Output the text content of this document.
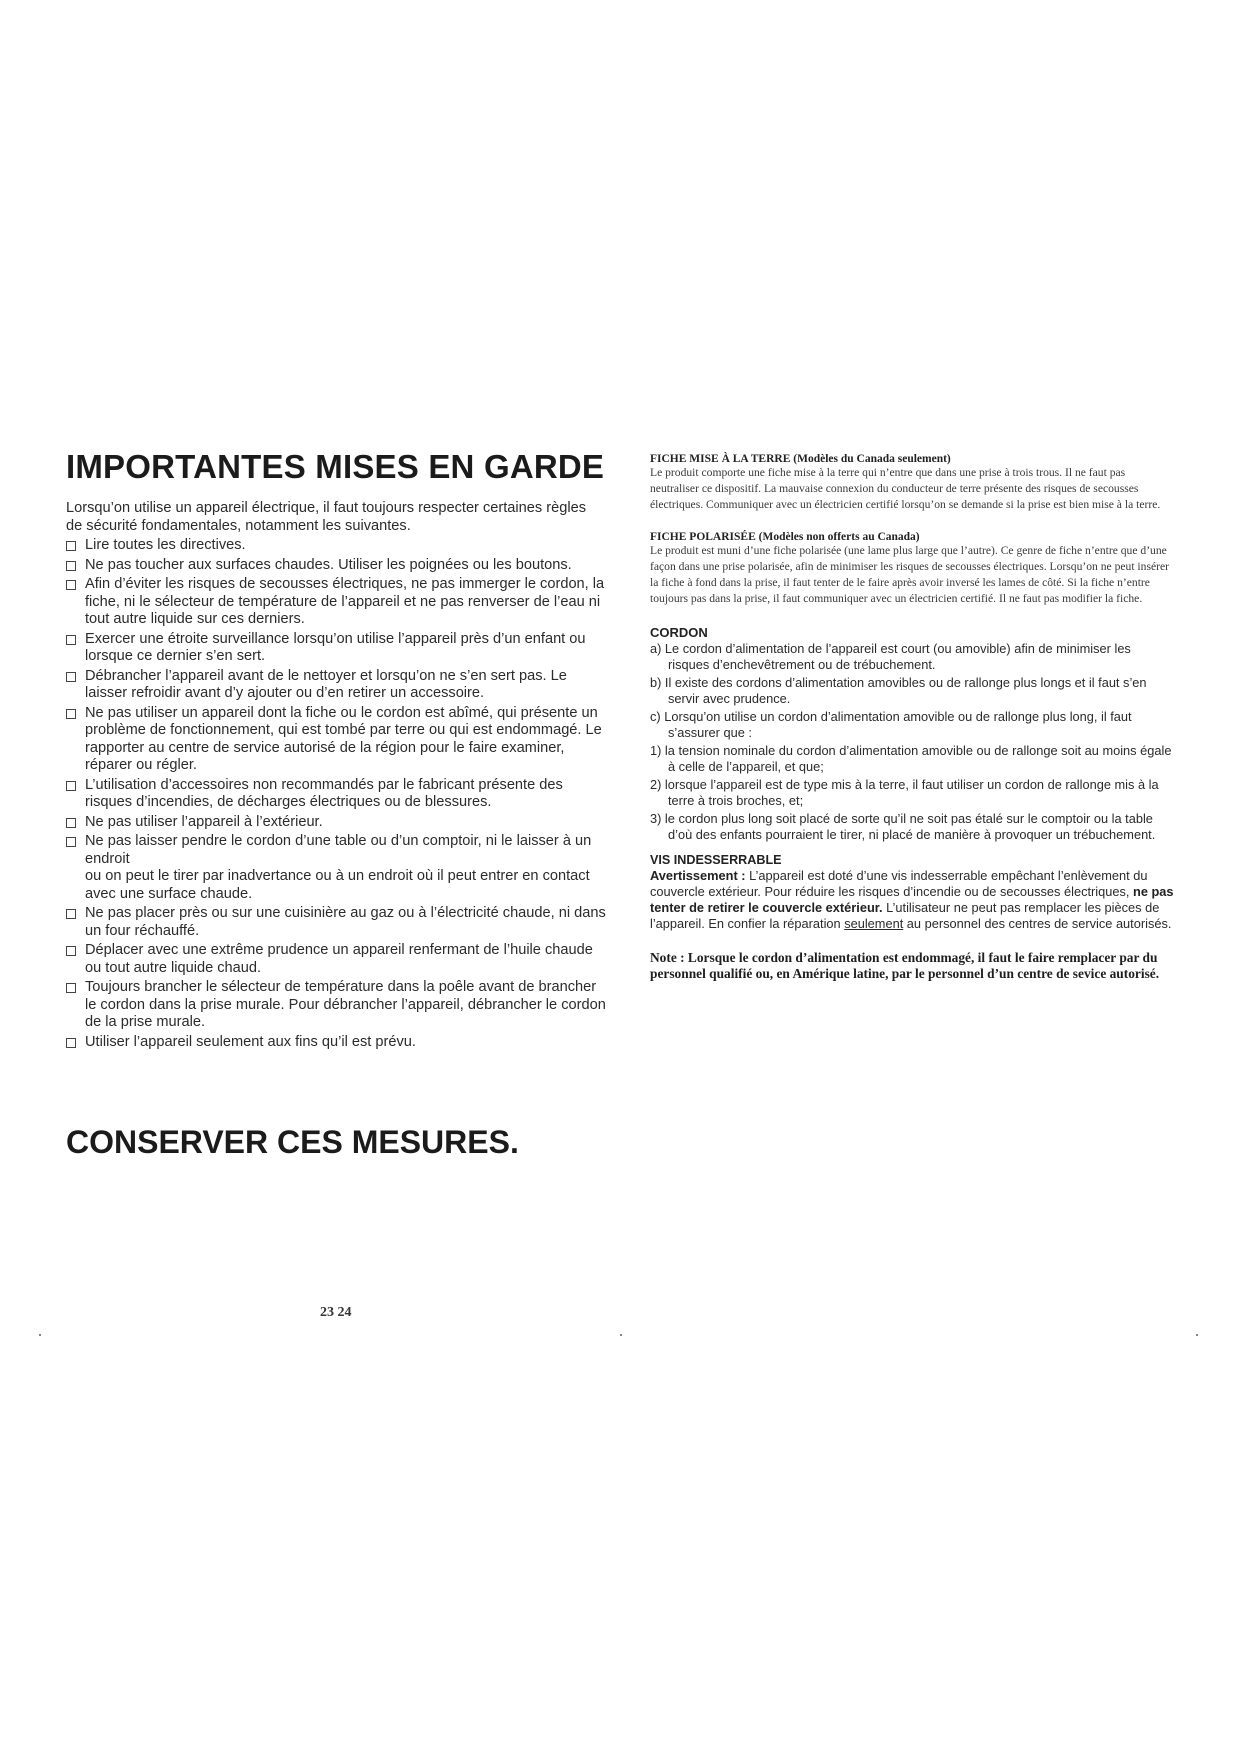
IMPORTANTES MISES EN GARDE

Lorsqu’on utilise un appareil électrique, il faut toujours respecter certaines règles de sécurité fondamentales, notamment les suivantes.

Lire toutes les directives.
Ne pas toucher aux surfaces chaudes. Utiliser les poignées ou les boutons.
Afin d’éviter les risques de secousses électriques, ne pas immerger le cordon, la fiche, ni le sélecteur de température de l’appareil et ne pas renverser de l’eau ni tout autre liquide sur ces derniers.
Exercer une étroite surveillance lorsqu’on utilise l’appareil près d’un enfant ou lorsque ce dernier s’en sert.
Débrancher l’appareil avant de le nettoyer et lorsqu’on ne s’en sert pas. Le laisser refroidir avant d’y ajouter ou d’en retirer un accessoire.
Ne pas utiliser un appareil dont la fiche ou le cordon est abîmé, qui présente un problème de fonctionnement, qui est tombé par terre ou qui est endommagé. Le rapporter au centre de service autorisé de la région pour le faire examiner, réparer ou régler.
L’utilisation d’accessoires non recommandés par le fabricant présente des risques d’incendies, de décharges électriques ou de blessures.
Ne pas utiliser l’appareil à l’extérieur.
Ne pas laisser pendre le cordon d’une table ou d’un comptoir, ni le laisser à un endroit
ou on peut le tirer par inadvertance ou à un endroit où il peut entrer en contact avec une surface chaude.
Ne pas placer près ou sur une cuisinière au gaz ou à l’électricité chaude, ni dans un four réchauffé.
Déplacer avec une extrême prudence un appareil renfermant de l’huile chaude ou tout autre liquide chaud.
Toujours brancher le sélecteur de température dans la poêle avant de brancher le cordon dans la prise murale. Pour débrancher l’appareil, débrancher le cordon de la prise murale.
Utiliser l’appareil seulement aux fins qu’il est prévu.
CONSERVER CES MESURES.
23 24

FICHE MISE À LA TERRE (Modèles du Canada seulement)

Le produit comporte une fiche mise à la terre qui n’entre que dans une prise à trois trous. Il ne faut pas neutraliser ce dispositif. La mauvaise connexion du conducteur de terre présente des risques de secousses électriques. Communiquer avec un électricien certifié lorsqu’on se demande si la prise est bien mise à la terre.

FICHE POLARISÉE (Modèles non offerts au Canada)

Le produit est muni d’une fiche polarisée (une lame plus large que l’autre). Ce genre de fiche n’entre que d’une façon dans une prise polarisée, afin de minimiser les risques de secousses électriques. Lorsqu’on ne peut insérer la fiche à fond dans la prise, il faut tenter de le faire après avoir inversé les lames de côté. Si la fiche n’entre toujours pas dans la prise, il faut communiquer avec un électricien certifié. Il ne faut pas modifier la fiche.

CORDON

a) Le cordon d’alimentation de l’appareil est court (ou amovible) afin de minimiser les risques d’enchevêtrement ou de trébuchement.

b) Il existe des cordons d’alimentation amovibles ou de rallonge plus longs et il faut s’en servir avec prudence.

c) Lorsqu’on utilise un cordon d’alimentation amovible ou de rallonge plus long, il faut s’assurer que :

1) la tension nominale du cordon d’alimentation amovible ou de rallonge soit au moins égale à celle de l’appareil, et que;

2) lorsque l’appareil est de type mis à la terre, il faut utiliser un cordon de rallonge mis à la terre à trois broches, et;

3) le cordon plus long soit placé de sorte qu’il ne soit pas étalé sur le comptoir ou la table d’où des enfants pourraient le tirer, ni placé de manière à provoquer un trébuchement.

VIS INDESSERRABLE

Avertissement : L’appareil est doté d’une vis indesserrable empêchant l’enlèvement du couvercle extérieur. Pour réduire les risques d’incendie ou de secousses électriques, ne pas tenter de retirer le couvercle extérieur. L’utilisateur ne peut pas remplacer les pièces de l’appareil. En confier la réparation seulement au personnel des centres de service autorisés.

Note : Lorsque le cordon d’alimentation est endommagé, il faut le faire remplacer par du personnel qualifié ou, en Amérique latine, par le personnel d’un centre de sevice autorisé.
